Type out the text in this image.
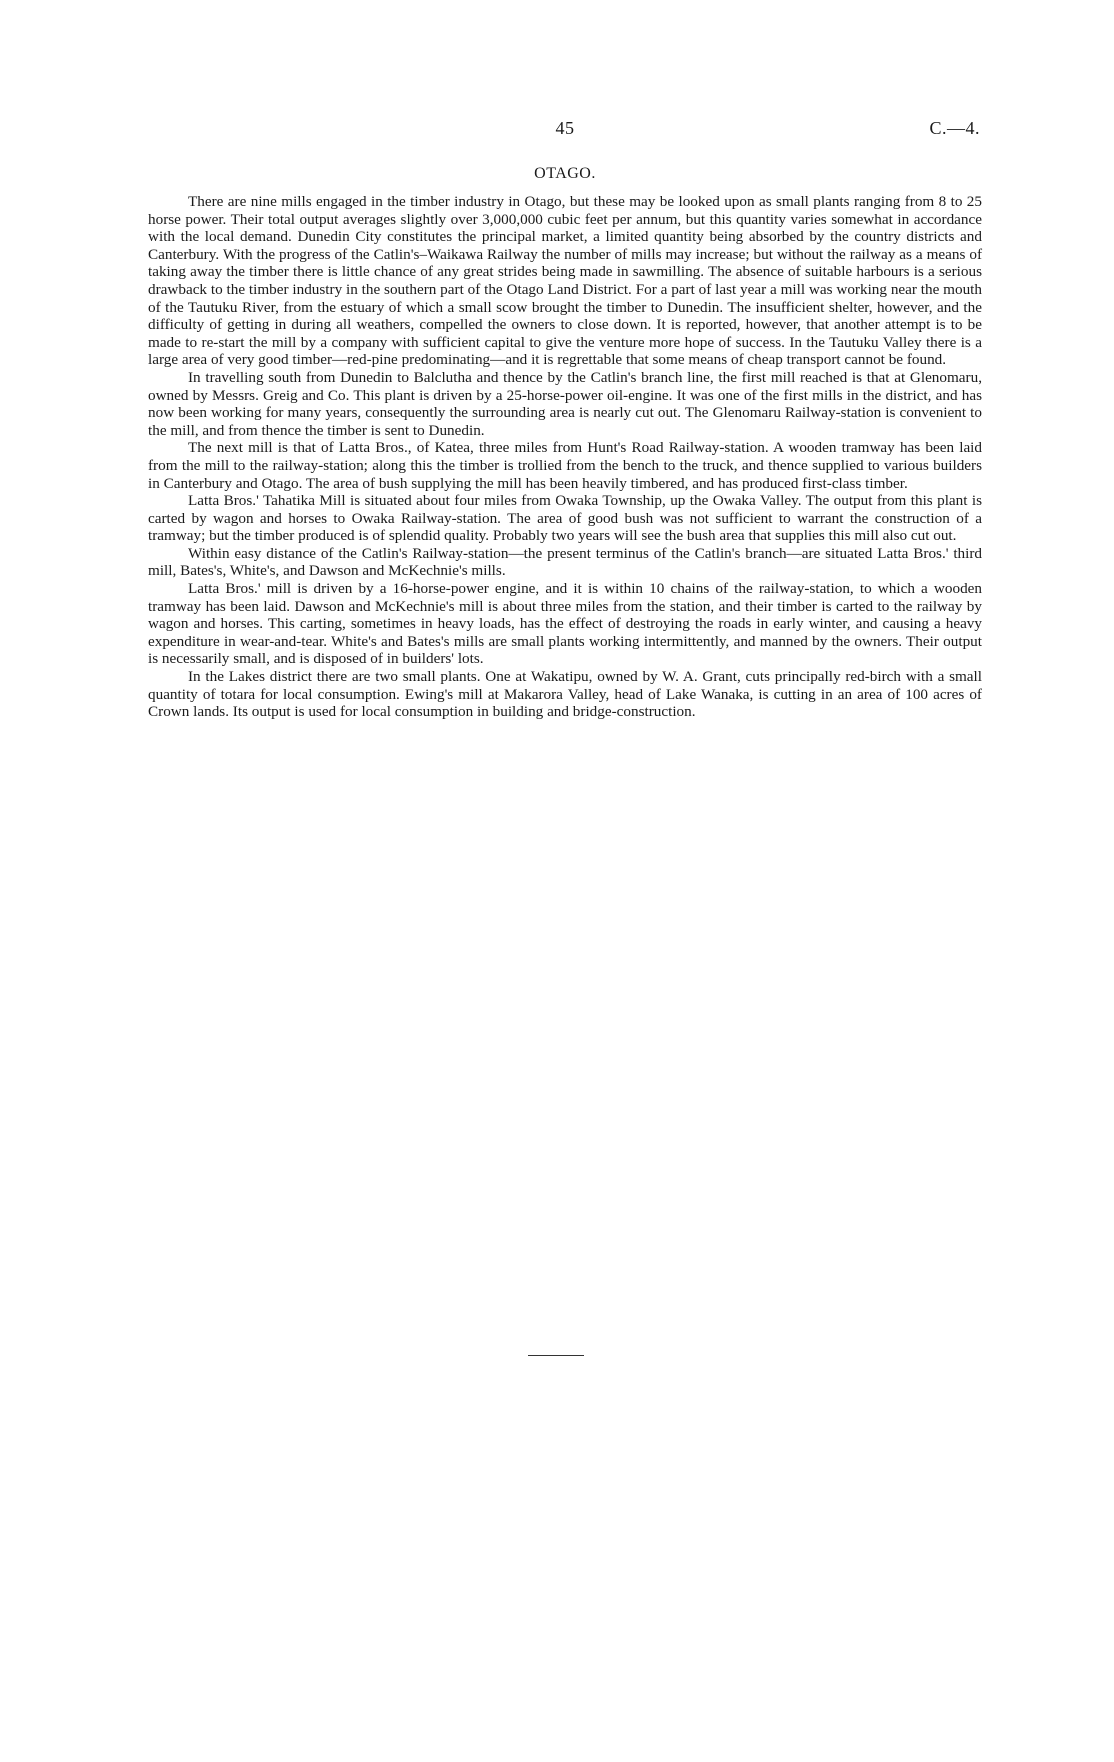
45	C.—4.
OTAGO.

There are nine mills engaged in the timber industry in Otago, but these may be looked upon as small plants ranging from 8 to 25 horse power. Their total output averages slightly over 3,000,000 cubic feet per annum, but this quantity varies somewhat in accordance with the local demand. Dunedin City constitutes the principal market, a limited quantity being absorbed by the country districts and Canterbury. With the progress of the Catlin's–Waikawa Railway the number of mills may increase; but without the railway as a means of taking away the timber there is little chance of any great strides being made in sawmilling. The absence of suitable harbours is a serious drawback to the timber industry in the southern part of the Otago Land District. For a part of last year a mill was working near the mouth of the Tautuku River, from the estuary of which a small scow brought the timber to Dunedin. The insufficient shelter, however, and the difficulty of getting in during all weathers, compelled the owners to close down. It is reported, however, that another attempt is to be made to re-start the mill by a company with sufficient capital to give the venture more hope of success. In the Tautuku Valley there is a large area of very good timber—red-pine predominating—and it is regrettable that some means of cheap transport cannot be found.

In travelling south from Dunedin to Balclutha and thence by the Catlin's branch line, the first mill reached is that at Glenomaru, owned by Messrs. Greig and Co. This plant is driven by a 25-horse-power oil-engine. It was one of the first mills in the district, and has now been working for many years, consequently the surrounding area is nearly cut out. The Glenomaru Railway-station is convenient to the mill, and from thence the timber is sent to Dunedin.

The next mill is that of Latta Bros., of Katea, three miles from Hunt's Road Railway-station. A wooden tramway has been laid from the mill to the railway-station; along this the timber is trollied from the bench to the truck, and thence supplied to various builders in Canterbury and Otago. The area of bush supplying the mill has been heavily timbered, and has produced first-class timber.

Latta Bros.' Tahatika Mill is situated about four miles from Owaka Township, up the Owaka Valley. The output from this plant is carted by wagon and horses to Owaka Railway-station. The area of good bush was not sufficient to warrant the construction of a tramway; but the timber produced is of splendid quality. Probably two years will see the bush area that supplies this mill also cut out.

Within easy distance of the Catlin's Railway-station—the present terminus of the Catlin's branch—are situated Latta Bros.' third mill, Bates's, White's, and Dawson and McKechnie's mills.

Latta Bros.' mill is driven by a 16-horse-power engine, and it is within 10 chains of the railway-station, to which a wooden tramway has been laid. Dawson and McKechnie's mill is about three miles from the station, and their timber is carted to the railway by wagon and horses. This carting, sometimes in heavy loads, has the effect of destroying the roads in early winter, and causing a heavy expenditure in wear-and-tear. White's and Bates's mills are small plants working intermittently, and manned by the owners. Their output is necessarily small, and is disposed of in builders' lots.

In the Lakes district there are two small plants. One at Wakatipu, owned by W. A. Grant, cuts principally red-birch with a small quantity of totara for local consumption. Ewing's mill at Makarora Valley, head of Lake Wanaka, is cutting in an area of 100 acres of Crown lands. Its output is used for local consumption in building and bridge-construction.
